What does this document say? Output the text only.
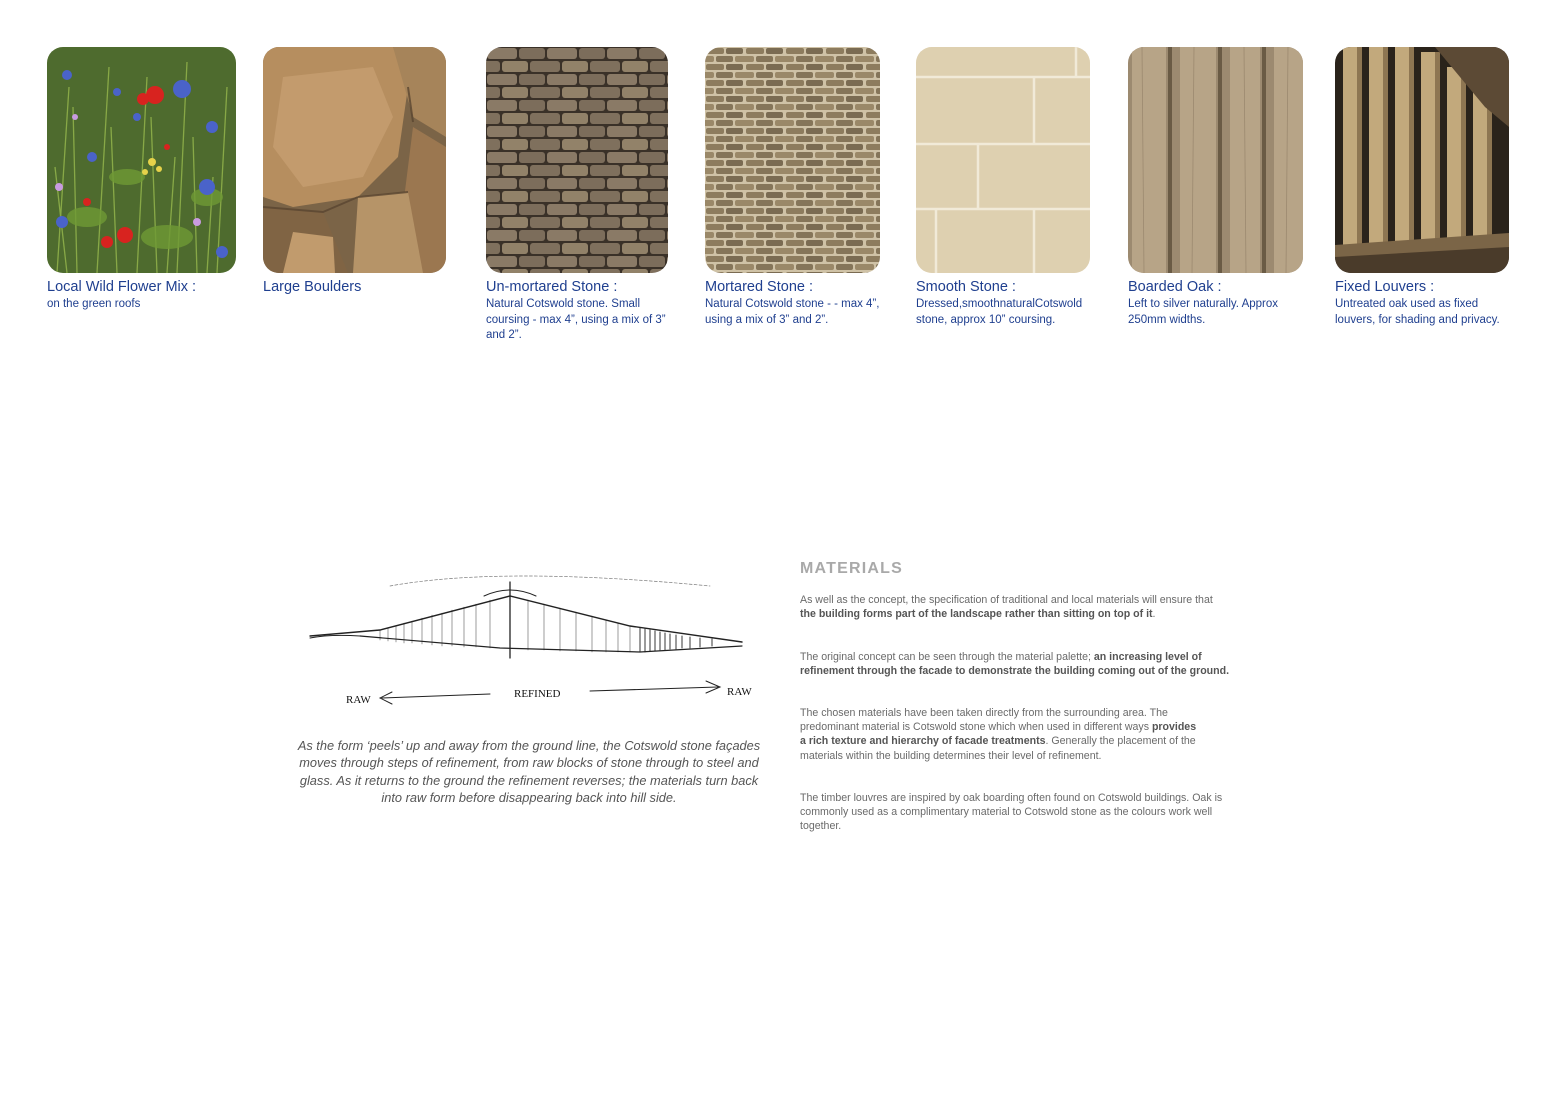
Local Wild Flower Mix :
on the green roofs
Large Boulders	Un-mortared Stone :
Natural Cotswold stone. Small coursing - max 4”, using a mix of 3” and 2”.
Mortared Stone :
Natural Cotswold stone - - max 4”, using a mix of 3” and 2”.
Smooth Stone :
Dressed,smoothnaturalCotswold stone, approx 10” coursing.
Boarded Oak :
Left to silver naturally. Approx 250mm widths.
Fixed Louvers :
Untreated oak used as fixed louvers, for shading and privacy.
RAW	REFINED	RAW
As the form ‘peels’ up and away from the ground line, the Cotswold stone façades moves through steps of refinement, from raw blocks of stone through to steel and glass. As it returns to the ground the refinement reverses; the materials turn back into raw form before disappearing back into hill side.
MATERIALS

As well as the concept, the specification of traditional and local materials will ensure that the building forms part of the landscape rather than sitting on top of it.

The original concept can be seen through the material palette; an increasing level of refinement through the facade to demonstrate the building coming out of the ground.

The chosen materials have been taken directly from the surrounding area. The predominant material is Cotswold stone which when used in different ways provides a rich texture and hierarchy of facade treatments. Generally the placement of the materials within the building determines their level of refinement.

The timber louvres are inspired by oak boarding often found on Cotswold buildings. Oak is commonly used as a complimentary material to Cotswold stone as the colours work well together.
